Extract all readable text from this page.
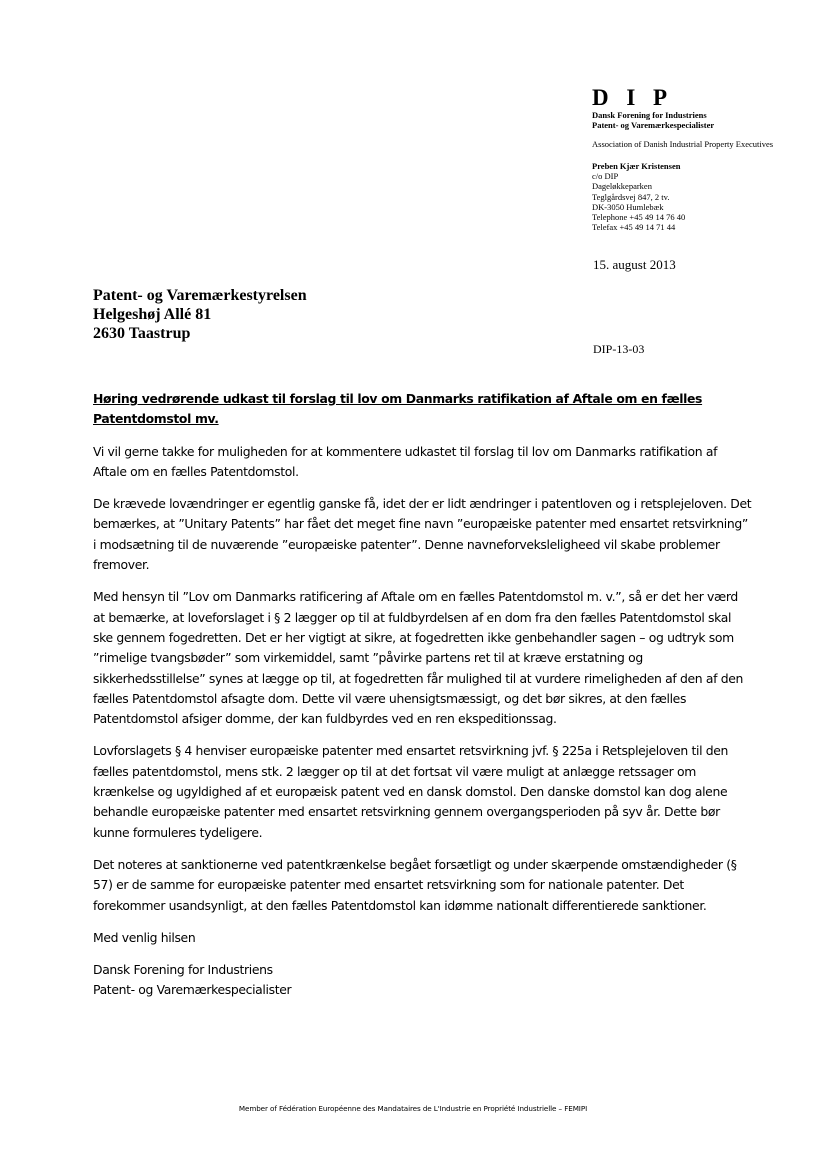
D I P
Dansk Forening for Industriens
Patent- og Varemærkespecialister
Association of Danish Industrial Property Executives
Preben Kjær Kristensen
c/o DIP
Dageløkkeparken
Teglgårdsvej 847, 2 tv.
DK-3050 Humlebæk
Telephone +45 49 14 76 40
Telefax +45 49 14 71 44
15. august 2013
Patent- og Varemærkestyrelsen
Helgeshøj Allé 81
2630 Taastrup
DIP-13-03

Høring vedrørende udkast til forslag til lov om Danmarks ratifikation af Aftale om en fælles Patentdomstol mv.

Vi vil gerne takke for muligheden for at kommentere udkastet til forslag til lov om Danmarks ratifikation af Aftale om en fælles Patentdomstol.

De krævede lovændringer er egentlig ganske få, idet der er lidt ændringer i patentloven og i retsplejeloven. Det bemærkes, at ”Unitary Patents” har fået det meget fine navn ”europæiske patenter med ensartet retsvirkning” i modsætning til de nuværende ”europæiske patenter”. Denne navneforveksleligheed vil skabe problemer fremover.

Med hensyn til ”Lov om Danmarks ratificering af Aftale om en fælles Patentdomstol m. v.”, så er det her værd at bemærke, at loveforslaget i § 2 lægger op til at fuldbyrdelsen af en dom fra den fælles Patentdomstol skal ske gennem fogedretten. Det er her vigtigt at sikre, at fogedretten ikke genbehandler sagen – og udtryk som ”rimelige tvangsbøder” som virkemiddel, samt ”påvirke partens ret til at kræve erstatning og sikkerhedsstillelse” synes at lægge op til, at fogedretten får mulighed til at vurdere rimeligheden af den af den fælles Patentdomstol afsagte dom. Dette vil være uhensigtsmæssigt, og det bør sikres, at den fælles Patentdomstol afsiger domme, der kan fuldbyrdes ved en ren ekspeditionssag.

Lovforslagets § 4 henviser europæiske patenter med ensartet retsvirkning jvf. § 225a i Retsplejeloven til den fælles patentdomstol, mens stk. 2 lægger op til at det fortsat vil være muligt at anlægge retssager om krænkelse og ugyldighed af et europæisk patent ved en dansk domstol. Den danske domstol kan dog alene behandle europæiske patenter med ensartet retsvirkning gennem overgangsperioden på syv år. Dette bør kunne formuleres tydeligere.

Det noteres at sanktionerne ved patentkrænkelse begået forsætligt og under skærpende omstændigheder (§ 57) er de samme for europæiske patenter med ensartet retsvirkning som for nationale patenter. Det forekommer usandsynligt, at den fælles Patentdomstol kan idømme nationalt differentierede sanktioner.

Med venlig hilsen

Dansk Forening for Industriens

Patent- og Varemærkespecialister

Member of Fédération Européenne des Mandataires de L'Industrie en Propriété Industrielle – FEMIPI
